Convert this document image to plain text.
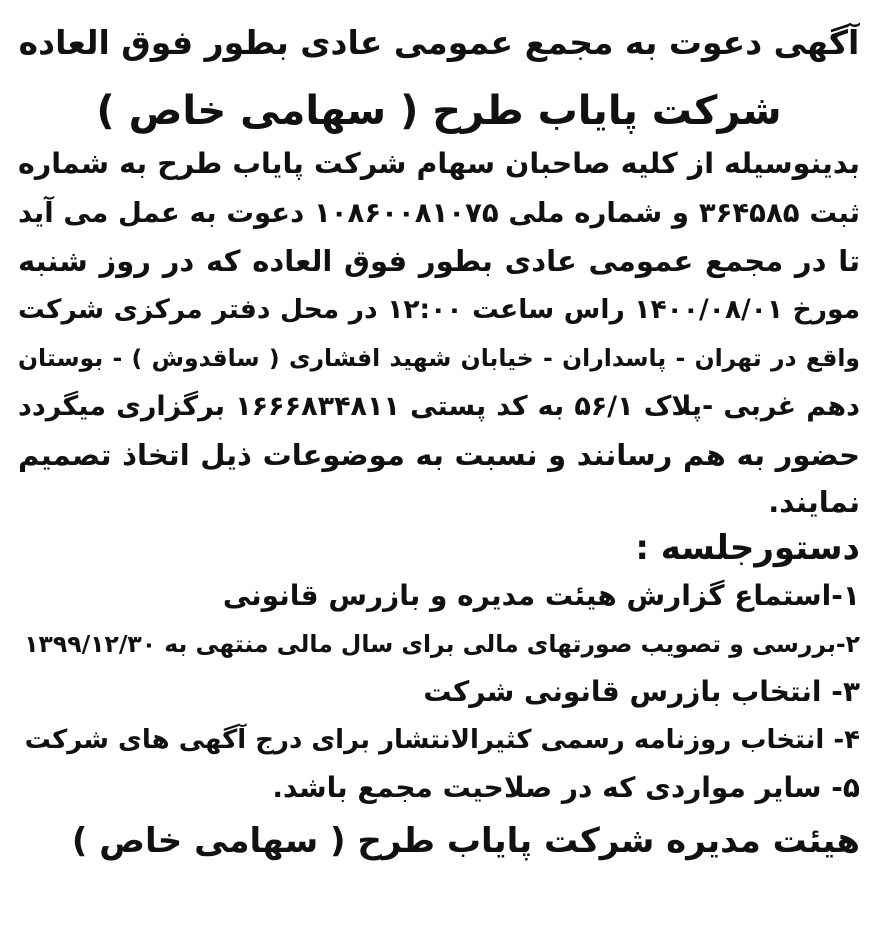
آگهی دعوت به مجمع عمومی عادی بطور فوق العاده
شرکت پایاب طرح ( سهامی خاص )
بدینوسیله از کلیه صاحبان سهام شرکت پایاب طرح به شماره
ثبت ۳۶۴۵۸۵ و شماره ملی ۱۰۸۶۰۰۸۱۰۷۵ دعوت به عمل می آید
تا در مجمع عمومی عادی بطور فوق العاده که در روز شنبه
مورخ ۱۴۰۰/۰۸/۰۱ راس ساعت ۱۲:۰۰ در محل دفتر مرکزی شرکت
واقع در تهران - پاسداران - خیابان شهید افشاری ( ساقدوش ) - بوستان
دهم غربی -پلاک ۵۶/۱ به کد پستی ۱۶۶۶۸۳۴۸۱۱ برگزاری میگردد
حضور به هم رسانند و نسبت به موضوعات ذیل اتخاذ تصمیم
نمایند.
دستورجلسه :
۱-استماع گزارش هیئت مدیره و بازرس قانونی
۲-بررسی و تصویب صورتهای مالی برای سال مالی منتهی به ۱۳۹۹/۱۲/۳۰
۳- انتخاب بازرس قانونی شرکت
۴- انتخاب روزنامه رسمی کثیرالانتشار برای درج آگهی های شرکت
۵- سایر مواردی که در صلاحیت مجمع باشد.
هیئت مدیره شرکت پایاب طرح ( سهامی خاص )
